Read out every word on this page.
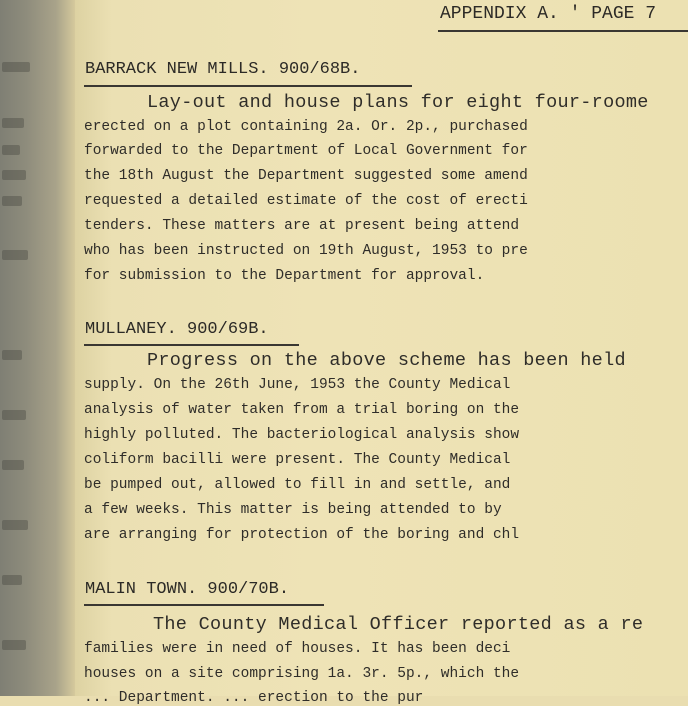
APPENDIX A. ' PAGE 7
BARRACK NEW MILLS. 900/68B.
Lay-out and house plans for eight four-roome
erected on a plot containing 2a. Or. 2p., purchased
forwarded to the Department of Local Government for
the 18th August the Department suggested some amend
requested a detailed estimate of the cost of erecti
tenders. These matters are at present being attend
who has been instructed on 19th August, 1953 to pre
for submission to the Department for approval.
MULLANEY. 900/69B.
Progress on the above scheme has been held
supply. On the 26th June, 1953 the County Medical
analysis of water taken from a trial boring on the
highly polluted. The bacteriological analysis show
coliform bacilli were present. The County Medical
be pumped out, allowed to fill in and settle, and
a few weeks. This matter is being attended to by
are arranging for protection of the boring and chl
MALIN TOWN. 900/70B.
The County Medical Officer reported as a re
families were in need of houses. It has been deci
houses on a site comprising 1a. 3r. 5p., which the
... Department. ... erection to the pur
